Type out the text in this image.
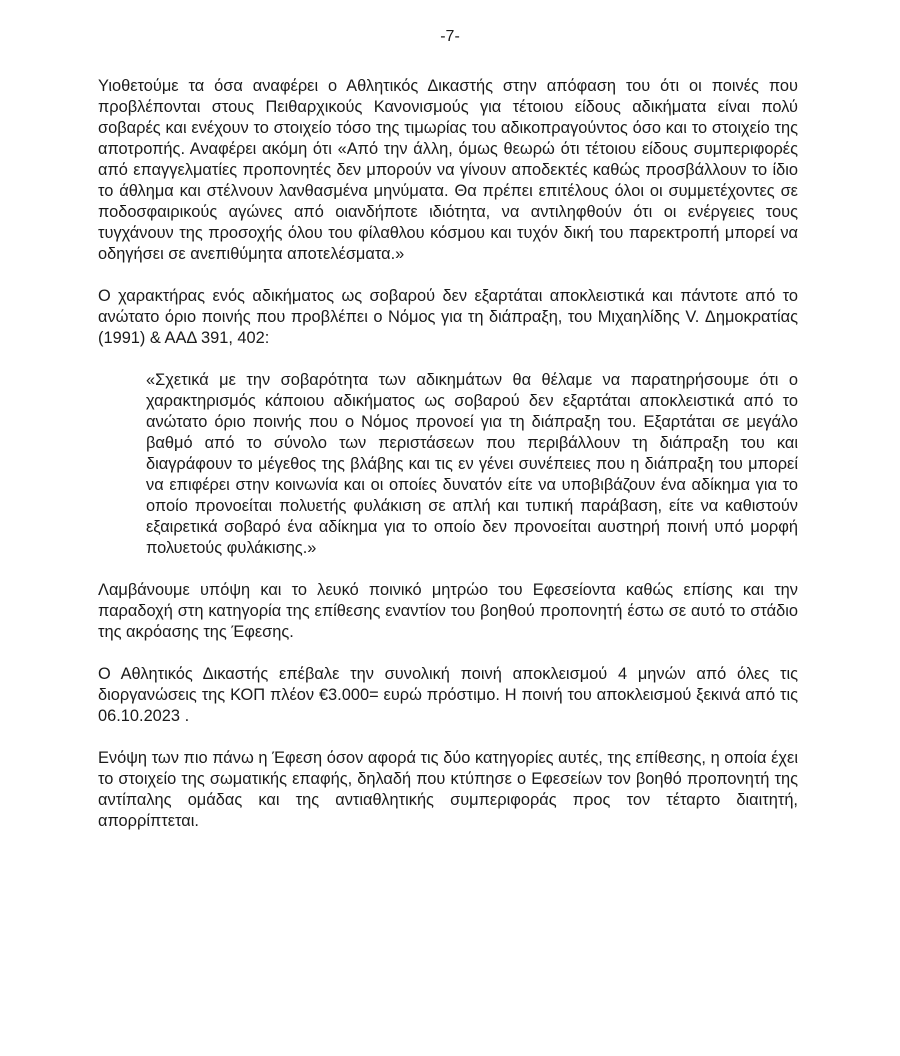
-7-

Υιοθετούμε τα όσα αναφέρει ο Αθλητικός Δικαστής στην απόφαση του ότι οι ποινές που προβλέπονται στους Πειθαρχικούς Κανονισμούς για τέτοιου είδους αδικήματα είναι πολύ σοβαρές και ενέχουν το στοιχείο τόσο της τιμωρίας του αδικοπραγούντος όσο και το στοιχείο της αποτροπής. Αναφέρει ακόμη ότι «Από την άλλη, όμως θεωρώ ότι τέτοιου είδους συμπεριφορές από επαγγελματίες προπονητές δεν μπορούν να γίνουν αποδεκτές καθώς προσβάλλουν το ίδιο το άθλημα και στέλνουν λανθασμένα μηνύματα. Θα πρέπει επιτέλους όλοι οι συμμετέχοντες σε ποδοσφαιρικούς αγώνες από οιανδήποτε ιδιότητα, να αντιληφθούν ότι οι ενέργειες τους τυγχάνουν της προσοχής όλου του φίλαθλου κόσμου και τυχόν δική του παρεκτροπή μπορεί να οδηγήσει σε ανεπιθύμητα αποτελέσματα.»

Ο χαρακτήρας ενός αδικήματος ως σοβαρού δεν εξαρτάται αποκλειστικά και πάντοτε από το ανώτατο όριο ποινής που προβλέπει ο Νόμος για τη διάπραξη, του Μιχαηλίδης V. Δημοκρατίας (1991) & ΑΑΔ 391, 402:

«Σχετικά με την σοβαρότητα των αδικημάτων θα θέλαμε να παρατηρήσουμε ότι ο χαρακτηρισμός κάποιου αδικήματος ως σοβαρού δεν εξαρτάται αποκλειστικά από το ανώτατο όριο ποινής που ο Νόμος προνοεί για τη διάπραξη του. Εξαρτάται σε μεγάλο βαθμό από το σύνολο των περιστάσεων που περιβάλλουν τη διάπραξη του και διαγράφουν το μέγεθος της βλάβης και τις εν γένει συνέπειες που η διάπραξη του μπορεί να επιφέρει στην κοινωνία και οι οποίες δυνατόν είτε να υποβιβάζουν ένα αδίκημα για το οποίο προνοείται πολυετής φυλάκιση σε απλή και τυπική παράβαση, είτε να καθιστούν εξαιρετικά σοβαρό ένα αδίκημα για το οποίο δεν προνοείται αυστηρή ποινή υπό μορφή πολυετούς φυλάκισης.»

Λαμβάνουμε υπόψη και το λευκό ποινικό μητρώο του Εφεσείοντα καθώς επίσης και την παραδοχή στη κατηγορία της επίθεσης εναντίον του βοηθού προπονητή έστω σε αυτό το στάδιο της ακρόασης της Έφεσης.

Ο Αθλητικός Δικαστής επέβαλε την συνολική ποινή αποκλεισμού 4 μηνών από όλες τις διοργανώσεις της ΚΟΠ πλέον €3.000= ευρώ πρόστιμο. Η ποινή του αποκλεισμού ξεκινά από τις 06.10.2023 .

Ενόψη των πιο πάνω η Έφεση όσον αφορά τις δύο κατηγορίες αυτές, της επίθεσης, η οποία έχει το στοιχείο της σωματικής επαφής, δηλαδή που κτύπησε ο Εφεσείων τον βοηθό προπονητή της αντίπαλης ομάδας και της αντιαθλητικής συμπεριφοράς προς τον τέταρτο διαιτητή, απορρίπτεται.
